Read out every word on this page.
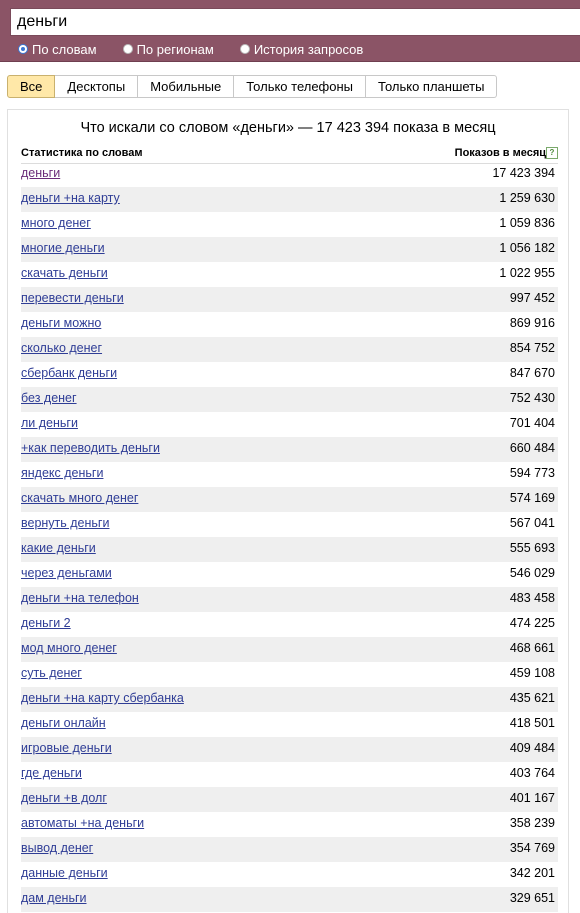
деньги
По словам	По регионам	История запросов
Все	Десктопы	Мобильные	Только телефоны	Только планшеты
Что искали со словом «деньги» — 17 423 394 показа в месяц
Статистика по словам	Показов в месяц ?
деньги	17 423 394
деньги +на карту	1 259 630
много денег	1 059 836
многие деньги	1 056 182
скачать деньги	1 022 955
перевести деньги	997 452
деньги можно	869 916
сколько денег	854 752
сбербанк деньги	847 670
без денег	752 430
ли деньги	701 404
+как переводить деньги	660 484
яндекс деньги	594 773
скачать много денег	574 169
вернуть деньги	567 041
какие деньги	555 693
через деньгами	546 029
деньги +на телефон	483 458
деньги 2	474 225
мод много денег	468 661
суть денег	459 108
деньги +на карту сбербанка	435 621
деньги онлайн	418 501
игровые деньги	409 484
где деньги	403 764
деньги +в долг	401 167
автоматы +на деньги	358 239
вывод денег	354 769
данные деньги	342 201
дам деньги	329 651
